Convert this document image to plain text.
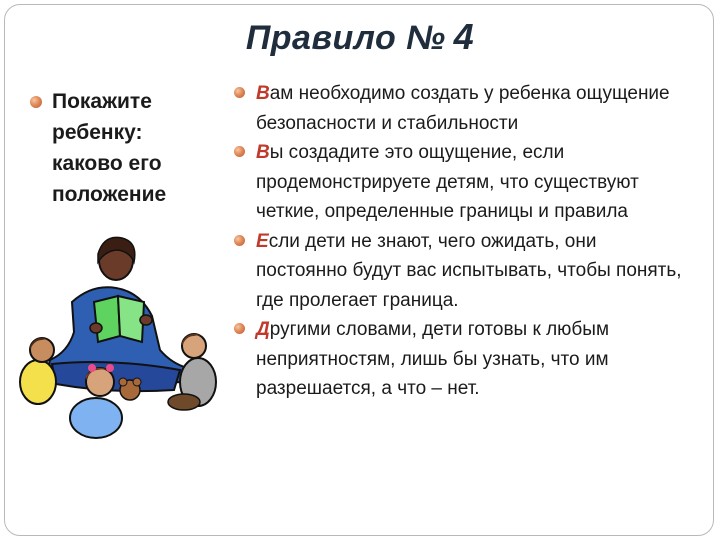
Правило № 4
Покажите ребенку: каково его положение
Вам необходимо создать у ребенка ощущение безопасности и стабильности
Вы создадите это ощущение, если продемонстрируете детям, что существуют четкие, определенные границы и правила
Если дети не знают, чего ожидать, они постоянно будут вас испытывать, чтобы понять, где пролегает граница.
Другими словами, дети готовы к любым неприятностям, лишь бы узнать, что им разрешается, а что – нет.
